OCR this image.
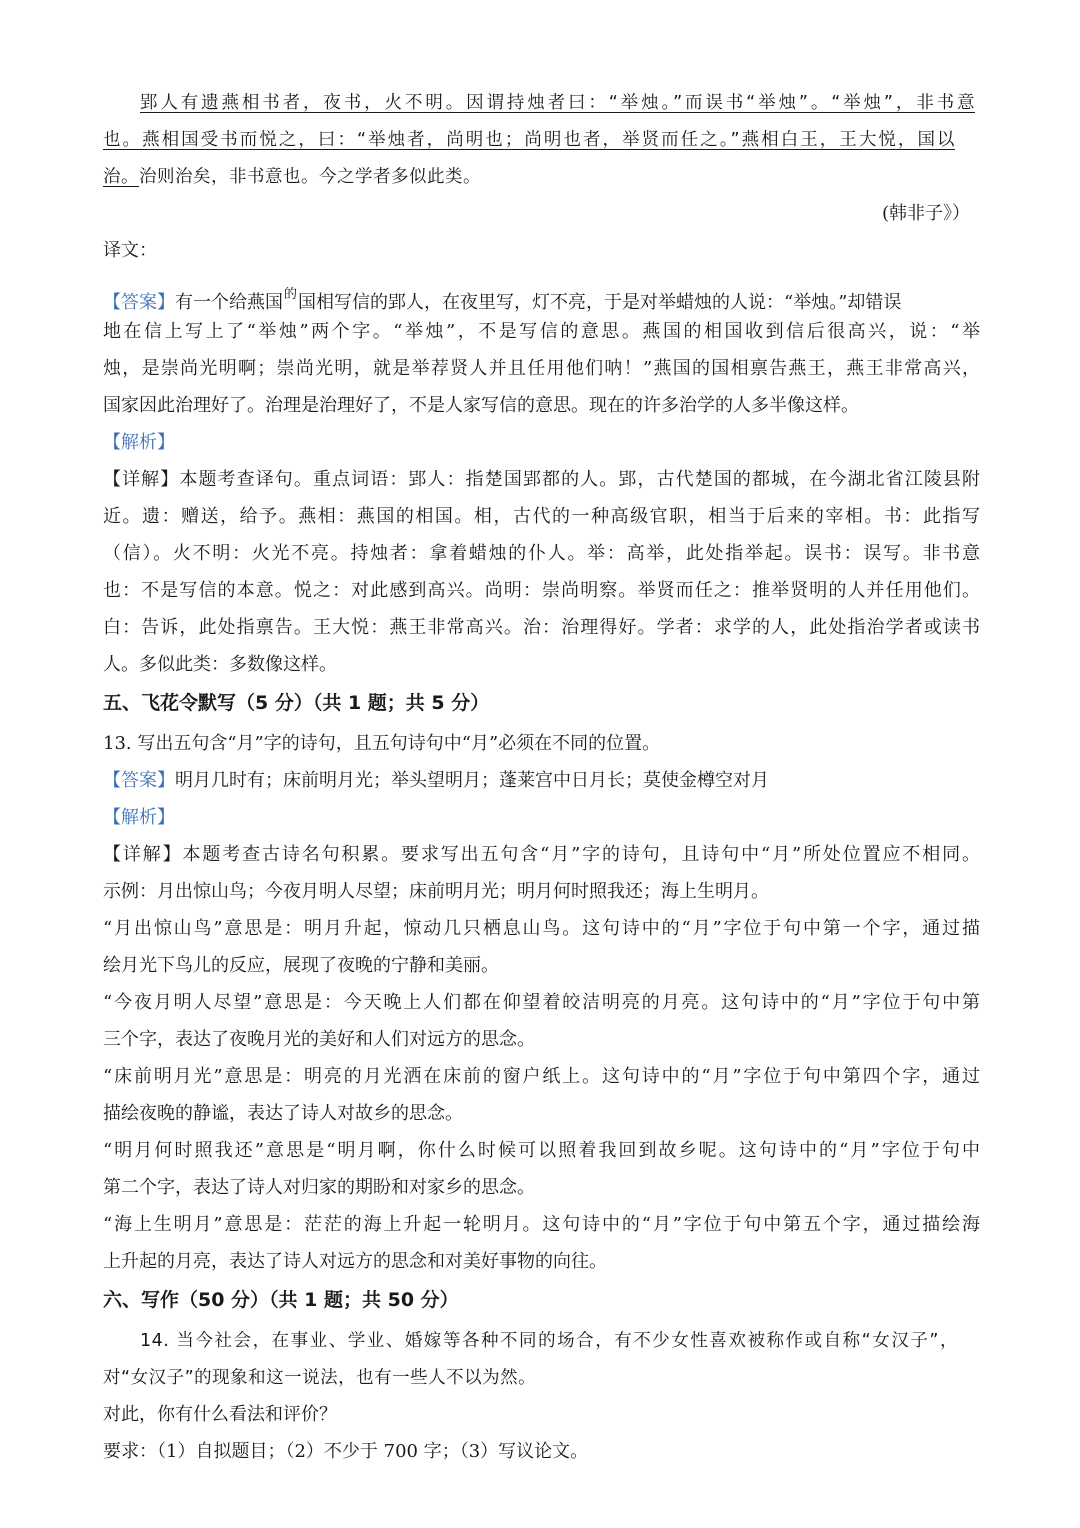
郢人有遗燕相书者，夜书，火不明。因谓持烛者曰：“举烛。”而误书“举烛”。“举烛”，非书意
也。燕相国受书而悦之，曰：“举烛者，尚明也；尚明也者，举贤而任之。”燕相白王，王大悦，国以
治。治则治矣，非书意也。今之学者多似此类。
(韩非子》）
译文：
【答案】有一个给燕国$^的$国相写信的郢人，在夜里写，灯不亮，于是对举蜡烛的人说：“举烛。”却错误
地在信上写上了“举烛”两个字。“举烛”，不是写信的意思。燕国的相国收到信后很高兴，说：“举
烛，是崇尚光明啊；崇尚光明，就是举荐贤人并且任用他们呐！”燕国的国相禀告燕王，燕王非常高兴，
国家因此治理好了。治理是治理好了，不是人家写信的意思。现在的许多治学的人多半像这样。
【解析】
【详解】本题考查译句。重点词语：郢人：指楚国郢都的人。郢，古代楚国的都城，在今湖北省江陵县附
近。遗：赠送，给予。燕相：燕国的相国。相，古代的一种高级官职，相当于后来的宰相。书：此指写
（信）。火不明：火光不亮。持烛者：拿着蜡烛的仆人。举：高举，此处指举起。误书：误写。非书意
也：不是写信的本意。悦之：对此感到高兴。尚明：崇尚明察。举贤而任之：推举贤明的人并任用他们。
白：告诉，此处指禀告。王大悦：燕王非常高兴。治：治理得好。学者：求学的人，此处指治学者或读书
人。多似此类：多数像这样。
五、飞花令默写（5 分）（共 1 题；共 5 分）
13. 写出五句含“月”字的诗句，且五句诗句中“月”必须在不同的位置。
【答案】明月几时有；床前明月光；举头望明月；蓬莱宫中日月长；莫使金樽空对月
【解析】
【详解】本题考查古诗名句积累。要求写出五句含“月”字的诗句，且诗句中“月”所处位置应不相同。
示例：月出惊山鸟；今夜月明人尽望；床前明月光；明月何时照我还；海上生明月。
“月出惊山鸟”意思是：明月升起，惊动几只栖息山鸟。这句诗中的“月”字位于句中第一个字，通过描
绘月光下鸟儿的反应，展现了夜晚的宁静和美丽。
“今夜月明人尽望”意思是：今天晚上人们都在仰望着皎洁明亮的月亮。这句诗中的“月”字位于句中第
三个字，表达了夜晚月光的美好和人们对远方的思念。
“床前明月光”意思是：明亮的月光洒在床前的窗户纸上。这句诗中的“月”字位于句中第四个字，通过
描绘夜晚的静谧，表达了诗人对故乡的思念。
“明月何时照我还”意思是“明月啊，你什么时候可以照着我回到故乡呢。这句诗中的“月”字位于句中
第二个字，表达了诗人对归家的期盼和对家乡的思念。
“海上生明月”意思是：茫茫的海上升起一轮明月。这句诗中的“月”字位于句中第五个字，通过描绘海
上升起的月亮，表达了诗人对远方的思念和对美好事物的向往。
六、写作（50 分）（共 1 题；共 50 分）
14. 当今社会，在事业、学业、婚嫁等各种不同的场合，有不少女性喜欢被称作或自称“女汉子”，
对“女汉子”的现象和这一说法，也有一些人不以为然。
对此，你有什么看法和评价？
要求：（1）自拟题目；（2）不少于 700 字；（3）写议论文。
